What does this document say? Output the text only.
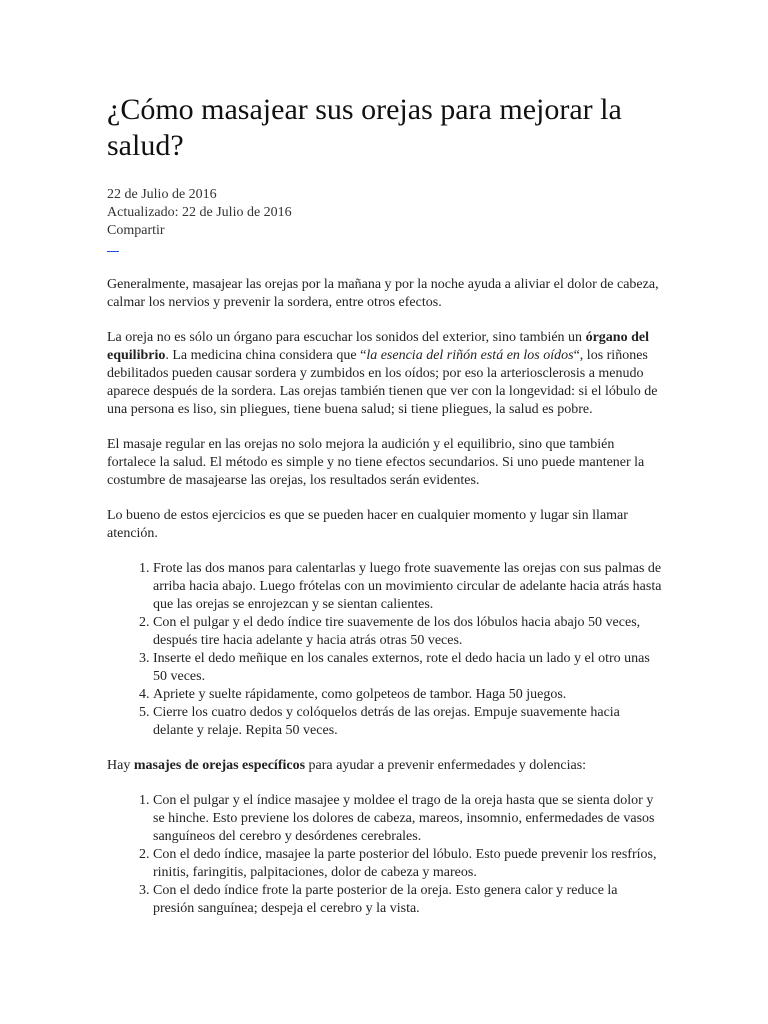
¿Cómo masajear sus orejas para mejorar la salud?
22 de Julio de 2016
Actualizado: 22 de Julio de 2016
Compartir

Generalmente, masajear las orejas por la mañana y por la noche ayuda a aliviar el dolor de cabeza, calmar los nervios y prevenir la sordera, entre otros efectos.

La oreja no es sólo un órgano para escuchar los sonidos del exterior, sino también un órgano del equilibrio. La medicina china considera que “la esencia del riñón está en los oídos“, los riñones debilitados pueden causar sordera y zumbidos en los oídos; por eso la arteriosclerosis a menudo aparece después de la sordera. Las orejas también tienen que ver con la longevidad: si el lóbulo de una persona es liso, sin pliegues, tiene buena salud; si tiene pliegues, la salud es pobre.

El masaje regular en las orejas no solo mejora la audición y el equilibrio, sino que también fortalece la salud. El método es simple y no tiene efectos secundarios. Si uno puede mantener la costumbre de masajearse las orejas, los resultados serán evidentes.

Lo bueno de estos ejercicios es que se pueden hacer en cualquier momento y lugar sin llamar atención.

1. Frote las dos manos para calentarlas y luego frote suavemente las orejas con sus palmas de arriba hacia abajo. Luego frótelas con un movimiento circular de adelante hacia atrás hasta que las orejas se enrojezcan y se sientan calientes.
2. Con el pulgar y el dedo índice tire suavemente de los dos lóbulos hacia abajo 50 veces, después tire hacia adelante y hacia atrás otras 50 veces.
3. Inserte el dedo meñique en los canales externos, rote el dedo hacia un lado y el otro unas 50 veces.
4. Apriete y suelte rápidamente, como golpeteos de tambor. Haga 50 juegos.
5. Cierre los cuatro dedos y colóquelos detrás de las orejas. Empuje suavemente hacia delante y relaje. Repita 50 veces.

Hay masajes de orejas específicos para ayudar a prevenir enfermedades y dolencias:

1. Con el pulgar y el índice masajee y moldee el trago de la oreja hasta que se sienta dolor y se hinche. Esto previene los dolores de cabeza, mareos, insomnio, enfermedades de vasos sanguíneos del cerebro y desórdenes cerebrales.
2. Con el dedo índice, masajee la parte posterior del lóbulo. Esto puede prevenir los resfríos, rinitis, faringitis, palpitaciones, dolor de cabeza y mareos.
3. Con el dedo índice frote la parte posterior de la oreja. Esto genera calor y reduce la presión sanguínea; despeja el cerebro y la vista.
